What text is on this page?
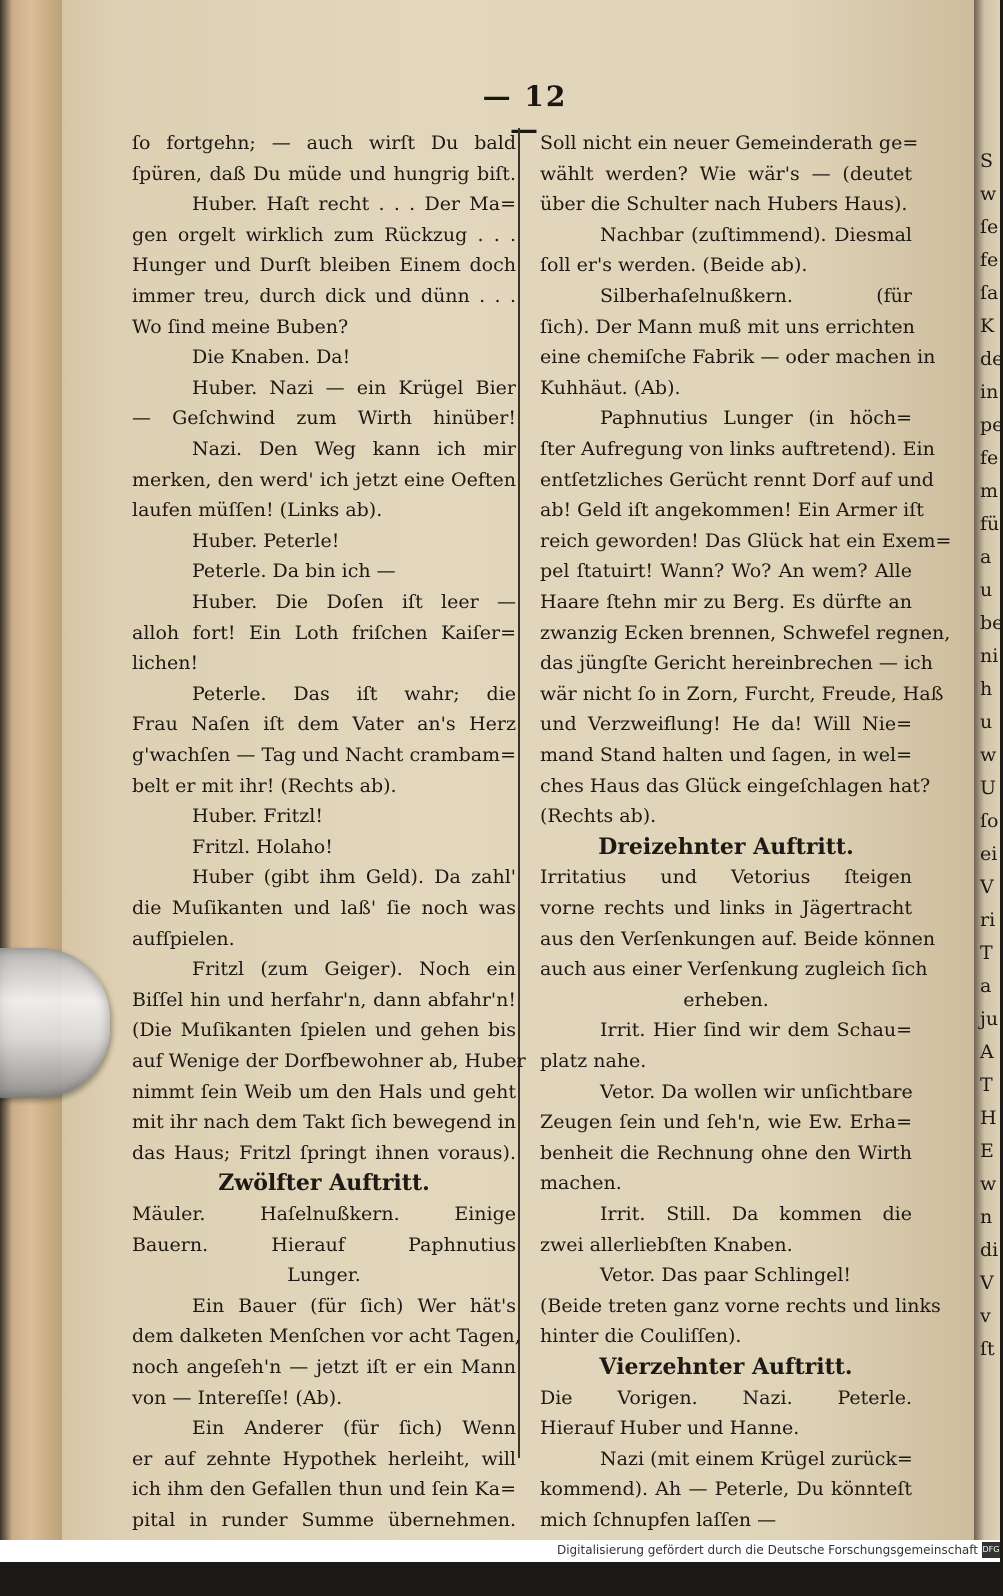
S
w
ſe
fe
ſa
K
de
in
pe
fe
m
fü
a
u
be
ni
h
u
w
U
ſo
ei
V
ri
T
a
ju
A
T
H
E
w
n
di
V
v
ſt
— 12 —
ſo fortgehn; — auch wirſt Du bald
ſpüren, daß Du müde und hungrig biſt.
Huber. Haſt recht . . . Der Ma=
gen orgelt wirklich zum Rückzug . . .
Hunger und Durſt bleiben Einem doch
immer treu, durch dick und dünn . . .
Wo ſind meine Buben?
Die Knaben. Da!
Huber. Nazi — ein Krügel Bier
— Geſchwind zum Wirth hinüber!
Nazi. Den Weg kann ich mir
merken, den werd' ich jetzt eine Oeften
laufen müſſen! (Links ab).
Huber. Peterle!
Peterle. Da bin ich —
Huber. Die Doſen iſt leer —
alloh fort! Ein Loth friſchen Kaiſer=
lichen!
Peterle. Das iſt wahr; die
Frau Naſen iſt dem Vater an's Herz
g'wachſen — Tag und Nacht crambam=
belt er mit ihr! (Rechts ab).
Huber. Fritzl!
Fritzl. Holaho!
Huber (gibt ihm Geld). Da zahl'
die Muſikanten und laß' ſie noch was
aufſpielen.
Fritzl (zum Geiger). Noch ein
Biſſel hin und herfahr'n, dann abfahr'n!
(Die Muſikanten ſpielen und gehen bis
auf Wenige der Dorfbewohner ab, Huber
nimmt ſein Weib um den Hals und geht
mit ihr nach dem Takt ſich bewegend in
das Haus; Fritzl ſpringt ihnen voraus).
Zwölfter Auftritt.
Mäuler. Haſelnußkern. Einige
Bauern. Hierauf Paphnutius
Lunger.
Ein Bauer (für ſich) Wer hät's
dem dalketen Menſchen vor acht Tagen,
noch angeſeh'n — jetzt iſt er ein Mann
von — Intereſſe! (Ab).
Ein Anderer (für ſich) Wenn
er auf zehnte Hypothek herleiht, will
ich ihm den Gefallen thun und ſein Ka=
pital in runder Summe übernehmen.
Mäuler (zu einem Nachbar).
Soll nicht ein neuer Gemeinderath ge=
wählt werden? Wie wär's — (deutet
über die Schulter nach Hubers Haus).
Nachbar (zuſtimmend). Diesmal
ſoll er's werden. (Beide ab).
Silberhaſelnußkern. (für
ſich). Der Mann muß mit uns errichten
eine chemiſche Fabrik — oder machen in
Kuhhäut. (Ab).
Paphnutius Lunger (in höch=
ſter Aufregung von links auftretend). Ein
entſetzliches Gerücht rennt Dorf auf und
ab! Geld iſt angekommen! Ein Armer iſt
reich geworden! Das Glück hat ein Exem=
pel ſtatuirt! Wann? Wo? An wem? Alle
Haare ſtehn mir zu Berg. Es dürfte an
zwanzig Ecken brennen, Schwefel regnen,
das jüngſte Gericht hereinbrechen — ich
wär nicht ſo in Zorn, Furcht, Freude, Haß
und Verzweiflung! He da! Will Nie=
mand Stand halten und ſagen, in wel=
ches Haus das Glück eingeſchlagen hat?
(Rechts ab).
Dreizehnter Auftritt.
Irritatius und Vetorius ſteigen
vorne rechts und links in Jägertracht
aus den Verſenkungen auf. Beide können
auch aus einer Verſenkung zugleich ſich
erheben.
Irrit. Hier ſind wir dem Schau=
platz nahe.
Vetor. Da wollen wir unſichtbare
Zeugen ſein und ſeh'n, wie Ew. Erha=
benheit die Rechnung ohne den Wirth
machen.
Irrit. Still. Da kommen die
zwei allerliebſten Knaben.
Vetor. Das paar Schlingel!
(Beide treten ganz vorne rechts und links
hinter die Couliſſen).
Vierzehnter Auftritt.
Die Vorigen. Nazi. Peterle.
Hierauf Huber und Hanne.
Nazi (mit einem Krügel zurück=
kommend). Ah — Peterle, Du könnteſt
mich ſchnupfen laſſen —
Digitalisierung gefördert durch die Deutsche Forschungsgemeinschaft DFG
